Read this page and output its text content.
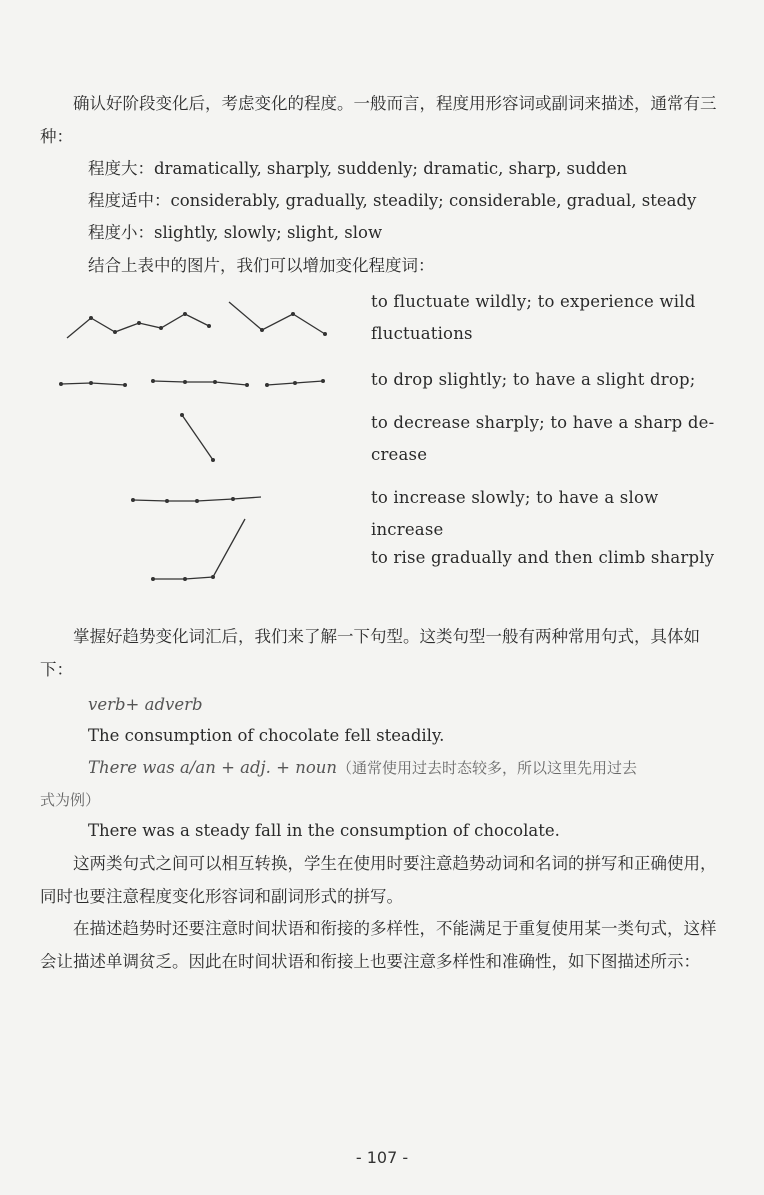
确认好阶段变化后，考虑变化的程度。一般而言，程度用形容词或副词来描述，通常有三种：

程度大：dramatically, sharply, suddenly; dramatic, sharp, sudden

程度适中：considerably, gradually, steadily; considerable, gradual, steady

程度小：slightly, slowly; slight, slow

结合上表中的图片，我们可以增加变化程度词：

to fluctuate wildly; to experience wild fluctuations

to drop slightly; to have a slight drop;

to decrease sharply; to have a sharp de-crease

to increase slowly; to have a slow increase

to rise gradually and then climb sharply

掌握好趋势变化词汇后，我们来了解一下句型。这类句型一般有两种常用句式，具体如下：

verb+ adverb

The consumption of chocolate fell steadily.

There was a/an + adj. + noun（通常使用过去时态较多，所以这里先用过去

式为例）

There was a steady fall in the consumption of chocolate.

这两类句式之间可以相互转换，学生在使用时要注意趋势动词和名词的拼写和正确使用，同时也要注意程度变化形容词和副词形式的拼写。

在描述趋势时还要注意时间状语和衔接的多样性，不能满足于重复使用某一类句式，这样会让描述单调贫乏。因此在时间状语和衔接上也要注意多样性和准确性，如下图描述所示：

- 107 -
